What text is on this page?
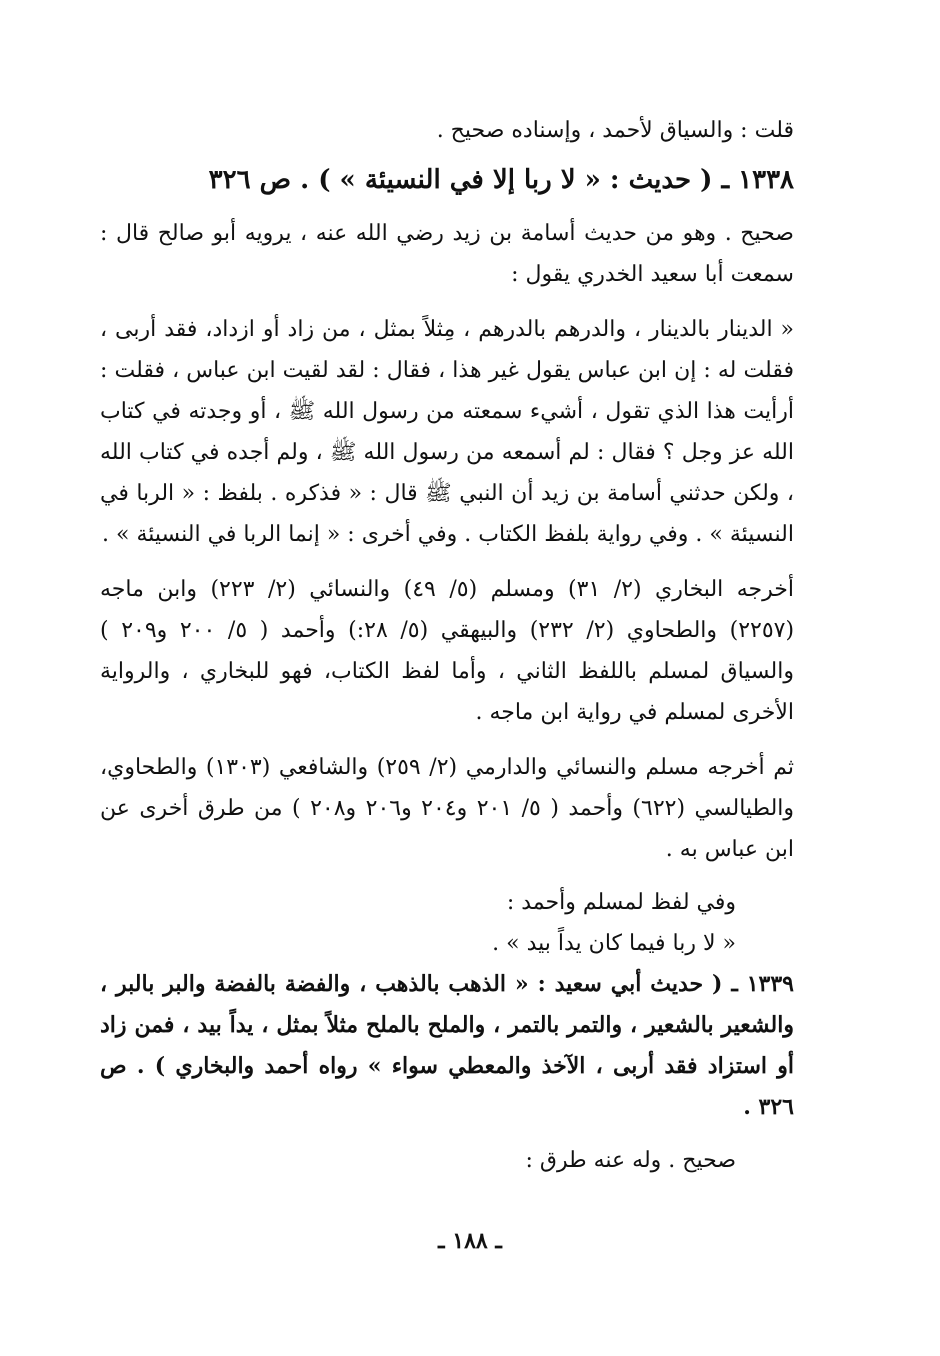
قلت : والسياق لأحمد ، وإسناده صحيح .

١٣٣٨ ـ ( حديث : « لا ربا إلا في النسيئة » ) . ص ٣٢٦

صحيح . وهو من حديث أسامة بن زيد رضي الله عنه ، يرويه أبو صالح قال : سمعت أبا سعيد الخدري يقول :

« الدينار بالدينار ، والدرهم بالدرهم ، مِثلاً بمثل ، من زاد أو ازداد، فقد أربى ، فقلت له : إن ابن عباس يقول غير هذا ، فقال : لقد لقيت ابن عباس ، فقلت : أرأيت هذا الذي تقول ، أشيء سمعته من رسول الله ﷺ ، أو وجدته في كتاب الله عز وجل ؟ فقال : لم أسمعه من رسول الله ﷺ ، ولم أجده في كتاب الله ، ولكن حدثني أسامة بن زيد أن النبي ﷺ قال : « فذكره . بلفظ : « الربا في النسيئة » . وفي رواية بلفظ الكتاب . وفي أخرى : « إنما الربا في النسيئة » .

أخرجه البخاري (٢/ ٣١) ومسلم (٥/ ٤٩) والنسائي (٢/ ٢٢٣) وابن ماجه (٢٢٥٧) والطحاوي (٢/ ٢٣٢) والبيهقي (٥/ ٢٨:) وأحمد ( ٥/ ٢٠٠ و٢٠٩ ) والسياق لمسلم باللفظ الثاني ، وأما لفظ الكتاب، فهو للبخاري ، والرواية الأخرى لمسلم في رواية ابن ماجه .

ثم أخرجه مسلم والنسائي والدارمي (٢/ ٢٥٩) والشافعي (١٣٠٣) والطحاوي، والطيالسي (٦٢٢) وأحمد ( ٥/ ٢٠١ و٢٠٤ و٢٠٦ و٢٠٨ ) من طرق أخرى عن ابن عباس به .

وفي لفظ لمسلم وأحمد :

« لا ربا فيما كان يداً بيد » .

١٣٣٩ ـ ( حديث أبي سعيد : « الذهب بالذهب ، والفضة بالفضة والبر بالبر ، والشعير بالشعير ، والتمر بالتمر ، والملح بالملح مثلاً بمثل ، يداً بيد ، فمن زاد أو استزاد فقد أربى ، الآخذ والمعطي سواء » رواه أحمد والبخاري ) . ص ٣٢٦ .

صحيح . وله عنه طرق :

ـ ١٨٨ ـ
